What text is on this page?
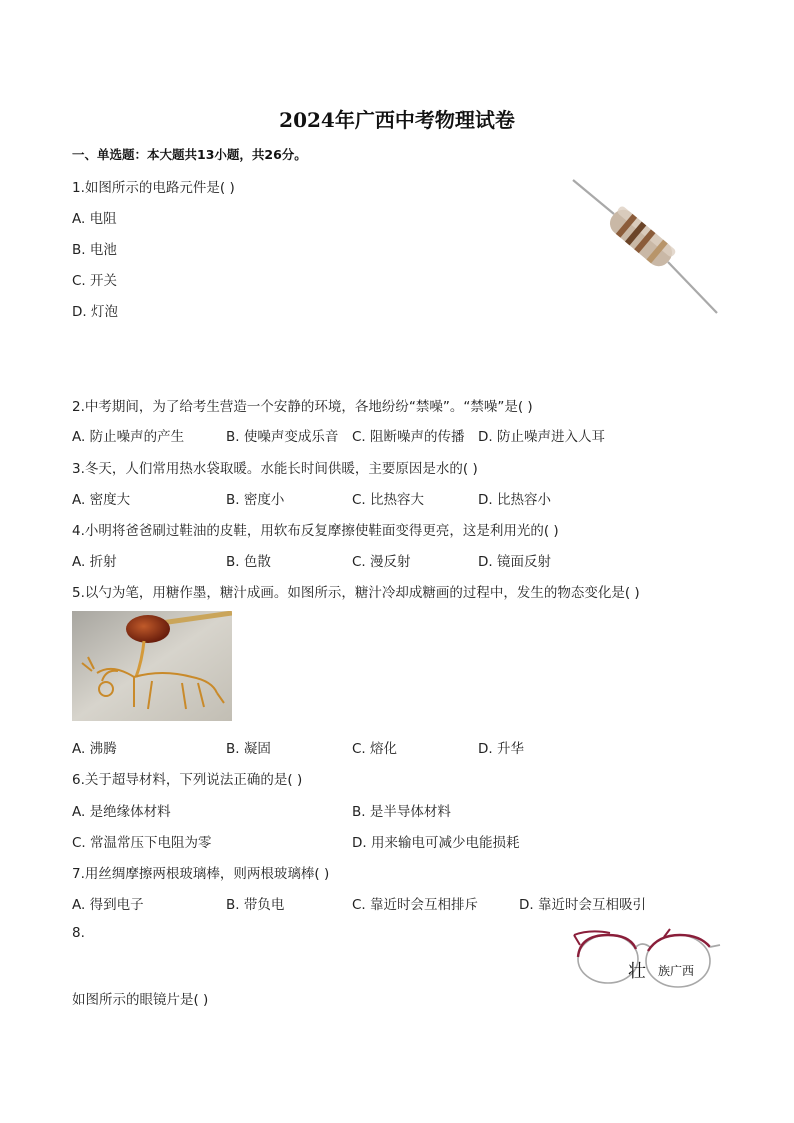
2024年广西中考物理试卷
一、单选题：本大题共13小题，共26分。
1.如图所示的电路元件是( )
A. 电阻
B. 电池
C. 开关
D. 灯泡
2.中考期间，为了给考生营造一个安静的环境，各地纷纷“禁噪”。“禁噪”是( )
A. 防止噪声的产生	B. 使噪声变成乐音 C. 阻断噪声的传播 D. 防止噪声进入人耳
3.冬天，人们常用热水袋取暖。水能长时间供暖，主要原因是水的( )
A. 密度大	B. 密度小	C. 比热容大	D. 比热容小
4.小明将爸爸刷过鞋油的皮鞋，用软布反复摩擦使鞋面变得更亮，这是利用光的( )
A. 折射	B. 色散	C. 漫反射	D. 镜面反射
5.以勺为笔，用糖作墨，糖汁成画。如图所示，糖汁冷却成糖画的过程中，发生的物态变化是( )
A. 沸腾	B. 凝固	C. 熔化	D. 升华
6.关于超导材料，下列说法正确的是( )
A. 是绝缘体材料	B. 是半导体材料
C. 常温常压下电阻为零	D. 用来输电可减少电能损耗
7.用丝绸摩擦两根玻璃棒，则两根玻璃棒( )
A. 得到电子	B. 带负电	C. 靠近时会互相排斥	D. 靠近时会互相吸引
8.
壮 族广西
如图所示的眼镜片是( )
